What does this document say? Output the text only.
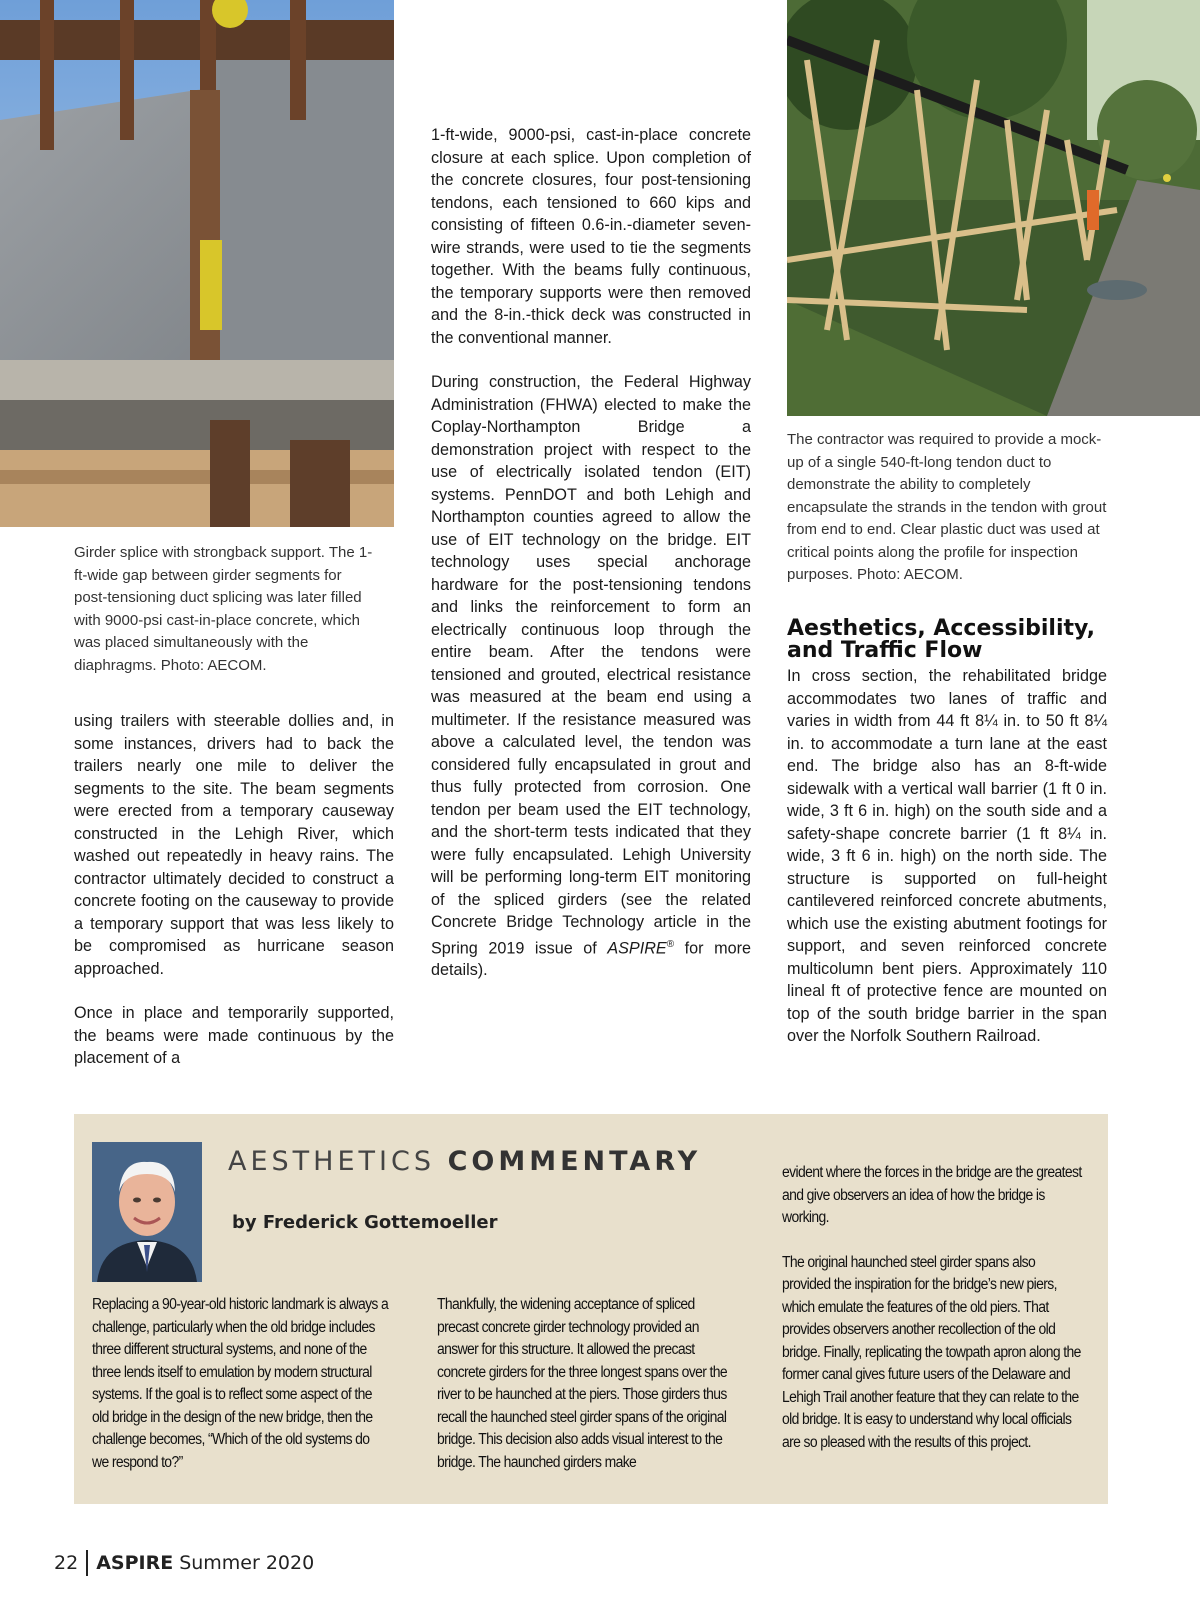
Girder splice with strongback support. The 1-ft-wide gap between girder segments for post-tensioning duct splicing was later filled with 9000-psi cast-in-place concrete, which was placed simultaneously with the diaphragms. Photo: AECOM.
The contractor was required to provide a mock-up of a single 540-ft-long tendon duct to demonstrate the ability to completely encapsulate the strands in the tendon with grout from end to end. Clear plastic duct was used at critical points along the profile for inspection purposes. Photo: AECOM.

using trailers with steerable dollies and, in some instances, drivers had to back the trailers nearly one mile to deliver the segments to the site. The beam segments were erected from a temporary causeway constructed in the Lehigh River, which washed out repeatedly in heavy rains. The contractor ultimately decided to construct a concrete footing on the causeway to provide a temporary support that was less likely to be compromised as hurricane season approached.

Once in place and temporarily supported, the beams were made continuous by the placement of a

1-ft-wide, 9000-psi, cast-in-place concrete closure at each splice. Upon completion of the concrete closures, four post-tensioning tendons, each tensioned to 660 kips and consisting of fifteen 0.6-in.-diameter seven-wire strands, were used to tie the segments together. With the beams fully continuous, the temporary supports were then removed and the 8-in.-thick deck was constructed in the conventional manner.

During construction, the Federal Highway Administration (FHWA) elected to make the Coplay-Northampton Bridge a demonstration project with respect to the use of electrically isolated tendon (EIT) systems. PennDOT and both Lehigh and Northampton counties agreed to allow the use of EIT technology on the bridge. EIT technology uses special anchorage hardware for the post-tensioning tendons and links the reinforcement to form an electrically continuous loop through the entire beam. After the tendons were tensioned and grouted, electrical resistance was measured at the beam end using a multimeter. If the resistance measured was above a calculated level, the tendon was considered fully encapsulated in grout and thus fully protected from corrosion. One tendon per beam used the EIT technology, and the short-term tests indicated that they were fully encapsulated. Lehigh University will be performing long-term EIT monitoring of the spliced girders (see the related Concrete Bridge Technology article in the Spring 2019 issue of ASPIRE® for more details).

Aesthetics, Accessibility,
and Traffic Flow

In cross section, the rehabilitated bridge accommodates two lanes of traffic and varies in width from 44 ft 8¼ in. to 50 ft 8¼ in. to accommodate a turn lane at the east end. The bridge also has an 8-ft-wide sidewalk with a vertical wall barrier (1 ft 0 in. wide, 3 ft 6 in. high) on the south side and a safety-shape concrete barrier (1 ft 8¼ in. wide, 3 ft 6 in. high) on the north side. The structure is supported on full-height cantilevered reinforced concrete abutments, which use the existing abutment footings for support, and seven reinforced concrete multicolumn bent piers. Approximately 110 lineal ft of protective fence are mounted on top of the south bridge barrier in the span over the Norfolk Southern Railroad.

AESTHETICS COMMENTARY
by Frederick Gottemoeller

Replacing a 90-year-old historic landmark is always a challenge, particularly when the old bridge includes three different structural systems, and none of the three lends itself to emulation by modern structural systems. If the goal is to reflect some aspect of the old bridge in the design of the new bridge, then the challenge becomes, “Which of the old systems do we respond to?”

Thankfully, the widening acceptance of spliced precast concrete girder technology provided an answer for this structure. It allowed the precast concrete girders for the three longest spans over the river to be haunched at the piers. Those girders thus recall the haunched steel girder spans of the original bridge. This decision also adds visual interest to the bridge. The haunched girders make

evident where the forces in the bridge are the greatest and give observers an idea of how the bridge is working.

The original haunched steel girder spans also provided the inspiration for the bridge’s new piers, which emulate the features of the old piers. That provides observers another recollection of the old bridge. Finally, replicating the towpath apron along the former canal gives future users of the Delaware and Lehigh Trail another feature that they can relate to the old bridge. It is easy to understand why local officials are so pleased with the results of this project.

22 ASPIRE Summer 2020
